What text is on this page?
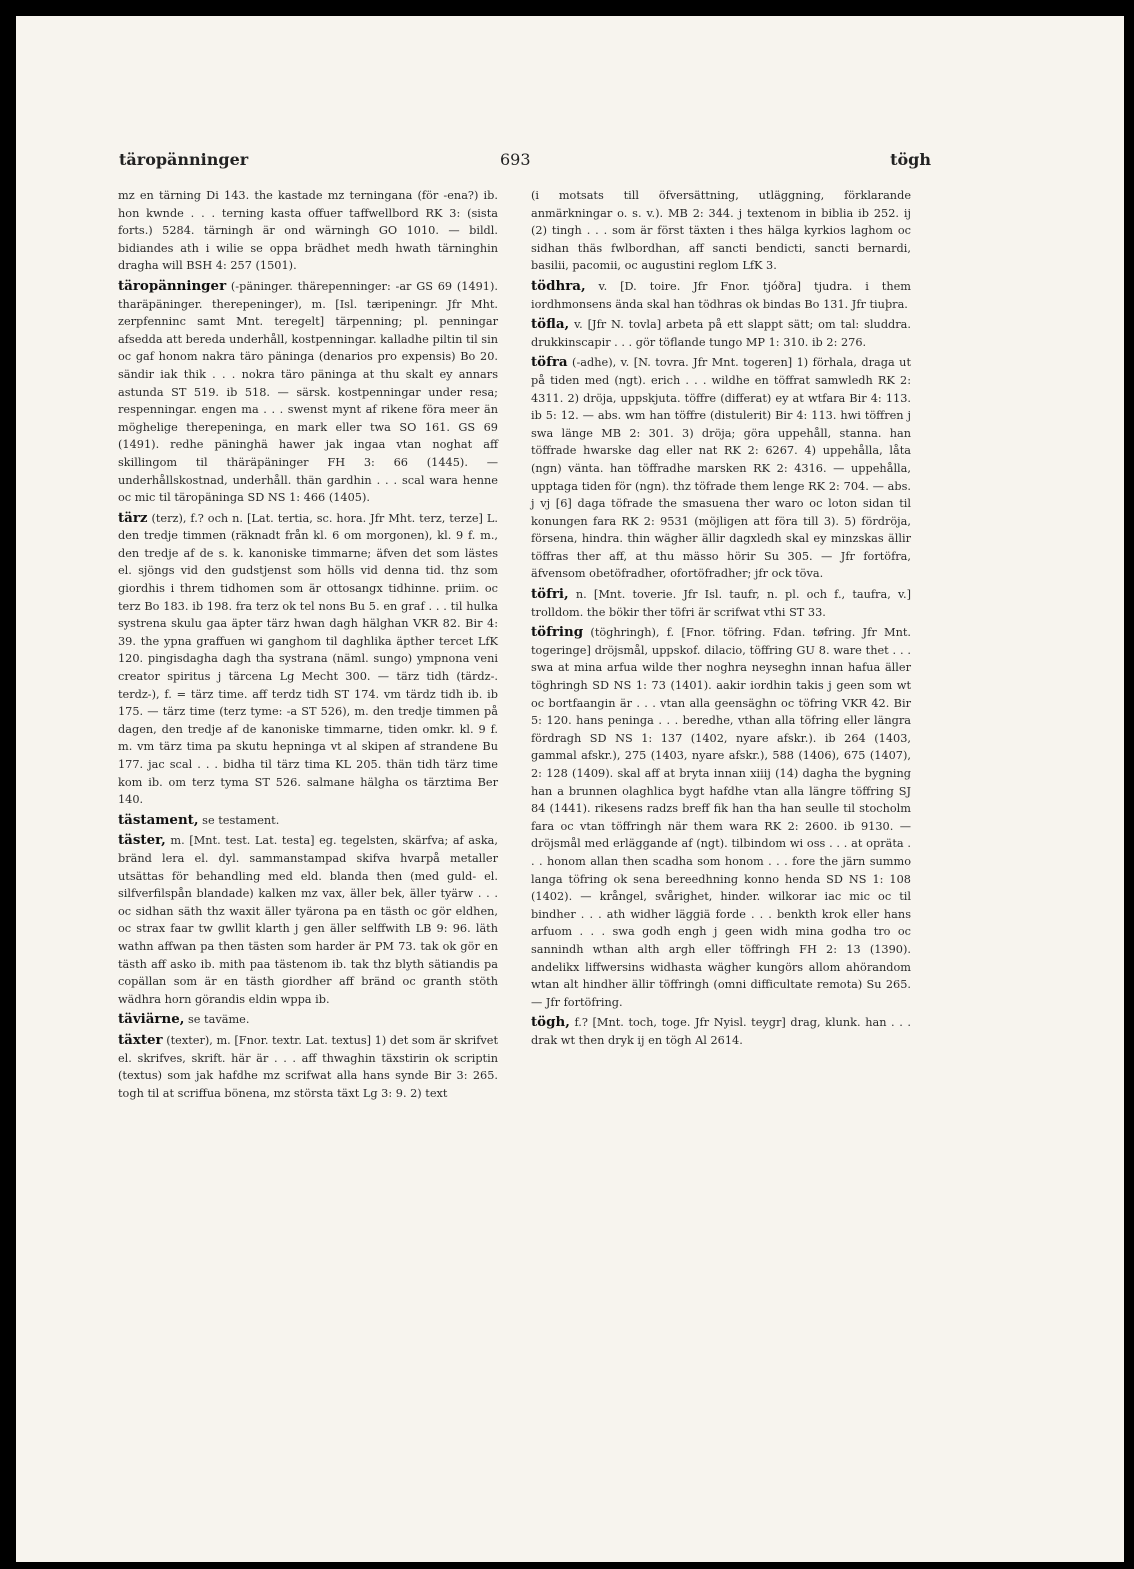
täropänninger	693	tögh

mz en tärning Di 143. the kastade mz terningana (för -ena?) ib. hon kwnde . . . terning kasta offuer taffwellbord RK 3: (sista forts.) 5284. tärningh är ond wärningh GO 1010. — bildl. bidiandes ath i wilie se oppa brädhet medh hwath tärninghin dragha will BSH 4: 257 (1501).

täropänninger (-päninger. thärepenninger: -ar GS 69 (1491). tharäpäninger. therepeninger), m. [Isl. tæripeningr. Jfr Mht. zerpfenninc samt Mnt. teregelt] tärpenning; pl. penningar afsedda att bereda underhåll, kostpenningar. kalladhe piltin til sin oc gaf honom nakra täro päninga (denarios pro expensis) Bo 20. sändir iak thik . . . nokra täro päninga at thu skalt ey annars astunda ST 519. ib 518. — särsk. kostpenningar under resa; respenningar. engen ma . . . swenst mynt af rikene föra meer än möghelige therepeninga, en mark eller twa SO 161. GS 69 (1491). redhe päninghä hawer jak ingaa vtan noghat aff skillingom til thäräpäninger FH 3: 66 (1445). — underhållskostnad, underhåll. thän gardhin . . . scal wara henne oc mic til täropäninga SD NS 1: 466 (1405).

tärz (terz), f.? och n. [Lat. tertia, sc. hora. Jfr Mht. terz, terze] L. den tredje timmen (räknadt från kl. 6 om morgonen), kl. 9 f. m., den tredje af de s. k. kanoniske timmarne; äfven det som lästes el. sjöngs vid den gudstjenst som hölls vid denna tid. thz som giordhis i threm tidhomen som är ottosangx tidhinne. priim. oc terz Bo 183. ib 198. fra terz ok tel nons Bu 5. en graf . . . til hulka systrena skulu gaa äpter tärz hwan dagh hälghan VKR 82. Bir 4: 39. the ypna graffuen wi ganghom til daghlika äpther tercet LfK 120. pingisdagha dagh tha systrana (näml. sungo) ympnona veni creator spiritus j tärcena Lg Mecht 300. — tärz tidh (tärdz-. terdz-), f. = tärz time. aff terdz tidh ST 174. vm tärdz tidh ib. ib 175. — tärz time (terz tyme: -a ST 526), m. den tredje timmen på dagen, den tredje af de kanoniske timmarne, tiden omkr. kl. 9 f. m. vm tärz tima pa skutu hepninga vt al skipen af strandene Bu 177. jac scal . . . bidha til tärz tima KL 205. thän tidh tärz time kom ib. om terz tyma ST 526. salmane hälgha os tärztima Ber 140.

tästament, se testament.

täster, m. [Mnt. test. Lat. testa] eg. tegelsten, skärfva; af aska, bränd lera el. dyl. sammanstampad skifva hvarpå metaller utsättas för behandling med eld. blanda then (med guld- el. silfverfilspån blandade) kalken mz vax, äller bek, äller tyärw . . . oc sidhan säth thz waxit äller tyärona pa en tästh oc gör eldhen, oc strax faar tw gwllit klarth j gen äller selffwith LB 9: 96. läth wathn affwan pa then tästen som harder är PM 73. tak ok gör en tästh aff asko ib. mith paa tästenom ib. tak thz blyth sätiandis pa copällan som är en tästh giordher aff bränd oc granth stöth wädhra horn görandis eldin wppa ib.

täviärne, se taväme.

täxter (texter), m. [Fnor. textr. Lat. textus] 1) det som är skrifvet el. skrifves, skrift. här är . . . aff thwaghin täxstirin ok scriptin (textus) som jak hafdhe mz scrifwat alla hans synde Bir 3: 265. togh til at scriffua bönena, mz största täxt Lg 3: 9. 2) text

(i motsats till öfversättning, utläggning, förklarande anmärkningar o. s. v.). MB 2: 344. j textenom in biblia ib 252. ij (2) tingh . . . som är först täxten i thes hälga kyrkios laghom oc sidhan thäs fwlbordhan, aff sancti bendicti, sancti bernardi, basilii, pacomii, oc augustini reglom LfK 3.

tödhra, v. [D. toire. Jfr Fnor. tjóðra] tjudra. i them iordhmonsens ända skal han tödhras ok bindas Bo 131. Jfr tiuþra.

töfla, v. [Jfr N. tovla] arbeta på ett slappt sätt; om tal: sluddra. drukkinscapir . . . gör töflande tungo MP 1: 310. ib 2: 276.

töfra (-adhe), v. [N. tovra. Jfr Mnt. togeren] 1) förhala, draga ut på tiden med (ngt). erich . . . wildhe en töffrat samwledh RK 2: 4311. 2) dröja, uppskjuta. töffre (differat) ey at wtfara Bir 4: 113. ib 5: 12. — abs. wm han töffre (distulerit) Bir 4: 113. hwi töffren j swa länge MB 2: 301. 3) dröja; göra uppehåll, stanna. han töffrade hwarske dag eller nat RK 2: 6267. 4) uppehålla, låta (ngn) vänta. han töffradhe marsken RK 2: 4316. — uppehålla, upptaga tiden för (ngn). thz töfrade them lenge RK 2: 704. — abs. j vj [6] daga töfrade the smasuena ther waro oc loton sidan til konungen fara RK 2: 9531 (möjligen att föra till 3). 5) fördröja, försena, hindra. thin wägher ällir dagxledh skal ey minzskas ällir töffras ther aff, at thu mässo hörir Su 305. — Jfr fortöfra, äfvensom obetöfradher, ofortöfradher; jfr ock töva.

töfri, n. [Mnt. toverie. Jfr Isl. taufr, n. pl. och f., taufra, v.] trolldom. the bökir ther töfri är scrifwat vthi ST 33.

töfring (töghringh), f. [Fnor. töfring. Fdan. tøfring. Jfr Mnt. togeringe] dröjsmål, uppskof. dilacio, töffring GU 8. ware thet . . . swa at mina arfua wilde ther noghra neyseghn innan hafua äller töghringh SD NS 1: 73 (1401). aakir iordhin takis j geen som wt oc bortfaangin är . . . vtan alla geensäghn oc töfring VKR 42. Bir 5: 120. hans peninga . . . beredhe, vthan alla töfring eller längra fördragh SD NS 1: 137 (1402, nyare afskr.). ib 264 (1403, gammal afskr.), 275 (1403, nyare afskr.), 588 (1406), 675 (1407), 2: 128 (1409). skal aff at bryta innan xiiij (14) dagha the bygning han a brunnen olaghlica bygt hafdhe vtan alla längre töffring SJ 84 (1441). rikesens radzs breff fik han tha han seulle til stocholm fara oc vtan töffringh när them wara RK 2: 2600. ib 9130. — dröjsmål med erläggande af (ngt). tilbindom wi oss . . . at opräta . . . honom allan then scadha som honom . . . fore the järn summo langa töfring ok sena bereedhning konno henda SD NS 1: 108 (1402). — krångel, svårighet, hinder. wilkorar iac mic oc til bindher . . . ath widher läggiä forde . . . benkth krok eller hans arfuom . . . swa godh engh j geen widh mina godha tro oc sannindh wthan alth argh eller töffringh FH 2: 13 (1390). andelikx liffwersins widhasta wägher kungörs allom ahörandom wtan alt hindher ällir töffringh (omni difficultate remota) Su 265. — Jfr fortöfring.

tögh, f.? [Mnt. toch, toge. Jfr Nyisl. teygr] drag, klunk. han . . . drak wt then dryk ij en tögh Al 2614.
